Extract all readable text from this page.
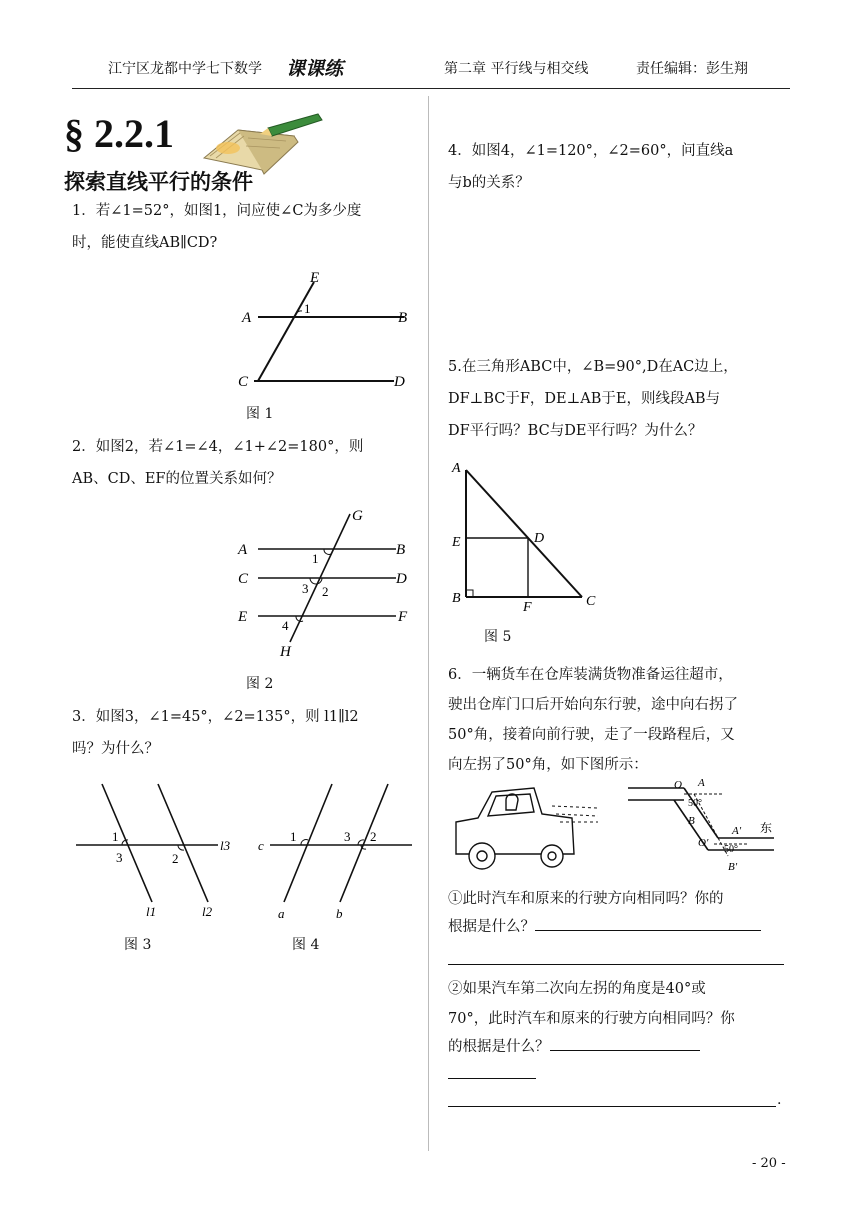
江宁区龙都中学七下数学 课课练	第二章 平行线与相交线	责任编辑：彭生翔
§ 2.2.1
探索直线平行的条件
1．若∠1=52°，如图1，问应使∠C为多少度
时，能使直线AB∥CD?
E
A	B
C	D
1
图 1
2．如图2，若∠1=∠4，∠1+∠2=180°，则
AB、CD、EF的位置关系如何？
G
A	B
C	D
E	F
H
1
2
3
4
图 2
3．如图3，∠1=45°，∠2=135°，则 l1∥l2
吗？为什么？
1
3	2
l3
l1	l2
c
1	3 2
a	b
图 3	图 4
4．如图4，∠1=120°，∠2=60°，问直线a
与b的关系？
5.在三角形ABC中，∠B=90°,D在AC边上，
DF⊥BC于F，DE⊥AB于E，则线段AB与
DF平行吗？BC与DE平行吗？为什么？
A
E	D
B
F	C
图 5
6．一辆货车在仓库装满货物准备运往超市，
驶出仓库门口后开始向东行驶，途中向右拐了
50°角，接着向前行驶，走了一段路程后，又
向左拐了50°角，如下图所示：
O A
50°
B
A′ 东
O′
50°
B′
①此时汽车和原来的行驶方向相同吗？你的
根据是什么？
②如果汽车第二次向左拐的角度是40°或
70°，此时汽车和原来的行驶方向相同吗？你
的根据是什么？
.
- 20 -
